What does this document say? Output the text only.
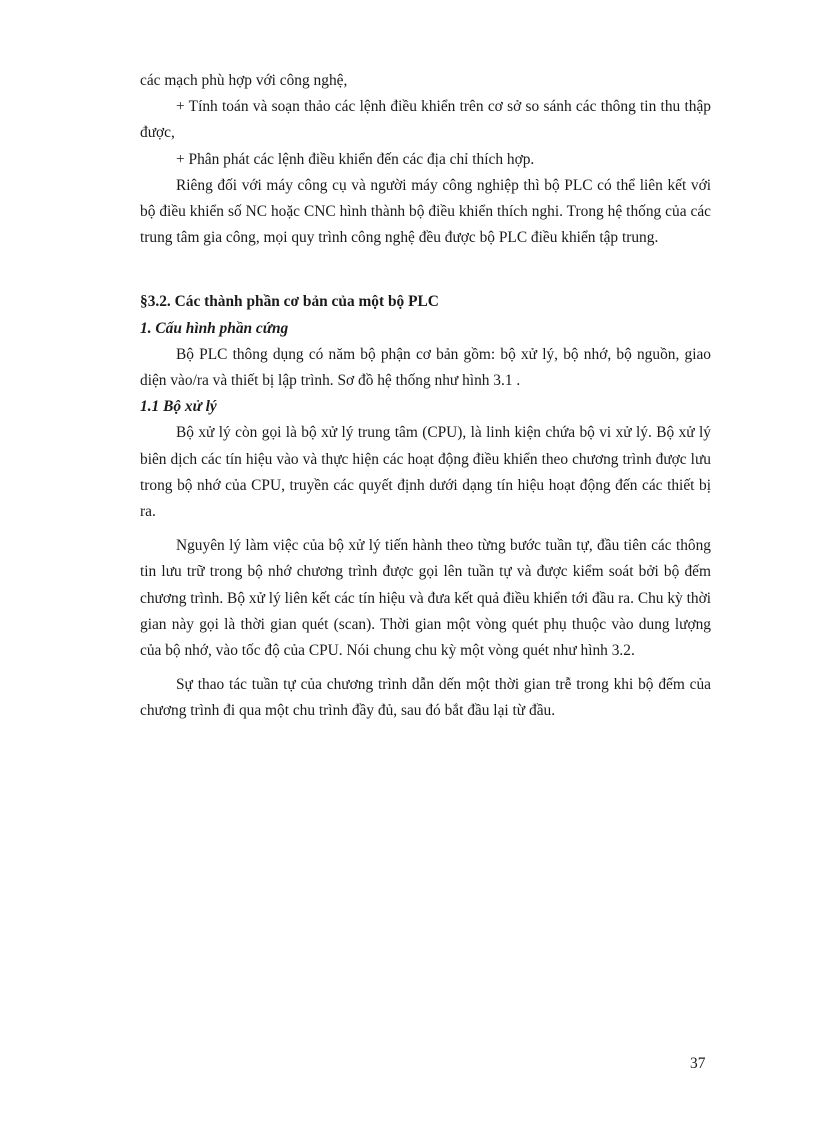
các mạch phù hợp với công nghệ,

+ Tính toán và soạn thảo các lệnh điều khiển trên cơ sở so sánh các thông tin thu thập được,

+ Phân phát các lệnh điều khiển đến các địa chỉ thích hợp.

Riêng đối với máy công cụ và người máy công nghiệp thì bộ PLC có thể liên kết với bộ điều khiển số NC hoặc CNC hình thành bộ điều khiển thích nghi. Trong hệ thống của các trung tâm gia công, mọi quy trình công nghệ đều được bộ PLC điều khiển tập trung.

§3.2. Các thành phần cơ bản của một bộ PLC

1. Cấu hình phần cứng

Bộ PLC thông dụng có năm bộ phận cơ bản gồm: bộ xử lý, bộ nhớ, bộ nguồn, giao diện vào/ra và thiết bị lập trình. Sơ đồ hệ thống như hình 3.1 .

1.1 Bộ xử lý

Bộ xử lý còn gọi là bộ xử lý trung tâm (CPU), là linh kiện chứa bộ vi xử lý. Bộ xử lý biên dịch các tín hiệu vào và thực hiện các hoạt động điều khiển theo chương trình được lưu trong bộ nhớ của CPU, truyền các quyết định dưới dạng tín hiệu hoạt động đến các thiết bị ra.

Nguyên lý làm việc của bộ xử lý tiến hành theo từng bước tuần tự, đầu tiên các thông tin lưu trữ trong bộ nhớ chương trình được gọi lên tuần tự và được kiểm soát bởi bộ đếm chương trình. Bộ xử lý liên kết các tín hiệu và đưa kết quả điều khiển tới đầu ra. Chu kỳ thời gian này gọi là thời gian quét (scan). Thời gian một vòng quét phụ thuộc vào dung lượng của bộ nhớ, vào tốc độ của CPU. Nói chung chu kỳ một vòng quét như hình 3.2.

Sự thao tác tuần tự của chương trình dẫn dến một thời gian trễ trong khi bộ đếm của chương trình đi qua một chu trình đầy đủ, sau đó bắt đầu lại từ đầu.

37
